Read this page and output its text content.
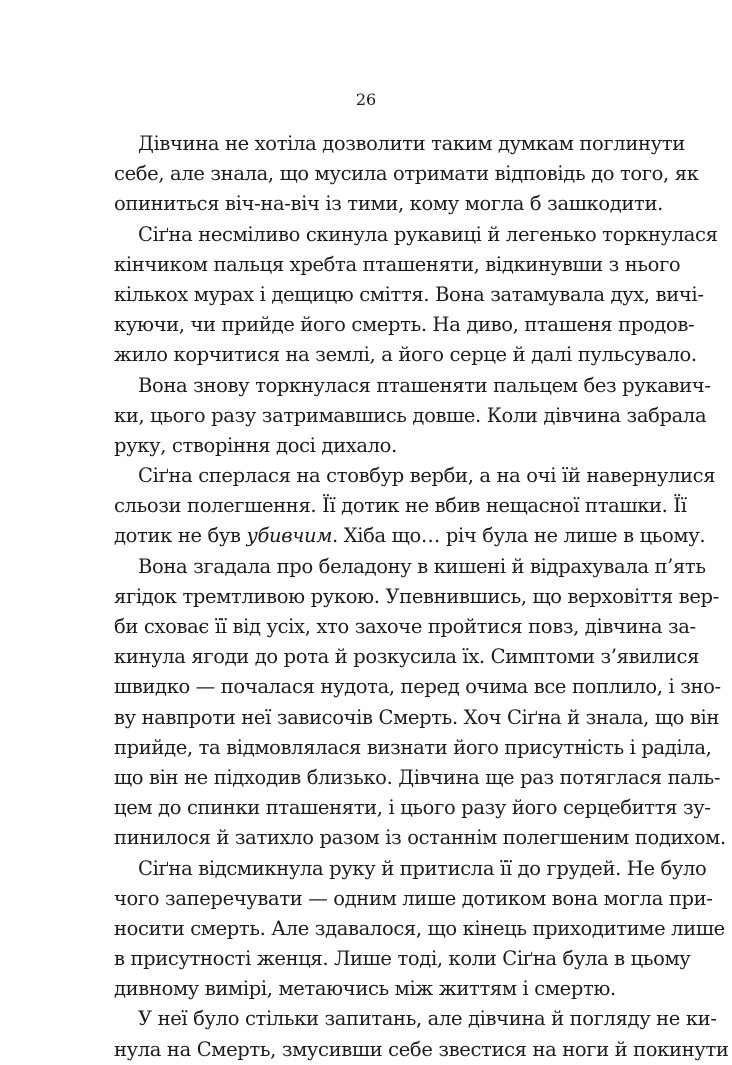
26
Дівчина не хотіла дозволити таким думкам поглинути
себе, але знала, що мусила отримати відповідь до того, як
опиниться віч-на-віч із тими, кому могла б зашкодити.
Сіґна несміливо скинула рукавиці й легенько торкнулася
кінчиком пальця хребта пташеняти, відкинувши з нього
кількох мурах і дещицю сміття. Вона затамувала дух, вичі-
куючи, чи прийде його смерть. На диво, пташеня продов-
жило корчитися на землі, а його серце й далі пульсувало.
Вона знову торкнулася пташеняти пальцем без рукавич-
ки, цього разу затримавшись довше. Коли дівчина забрала
руку, створіння досі дихало.
Сіґна сперлася на стовбур верби, а на очі їй навернулися
сльози полегшення. Її дотик не вбив нещасної пташки. Її
дотик не був убивчим. Хіба що… річ була не лише в цьому.
Вона згадала про беладону в кишені й відрахувала п’ять
ягідок тремтливою рукою. Упевнившись, що верховіття вер-
би сховає її від усіх, хто захоче пройтися повз, дівчина за-
кинула ягоди до рота й розкусила їх. Симптоми з’явилися
швидко — почалася нудота, перед очима все поплило, і зно-
ву навпроти неї зависочів Смерть. Хоч Сіґна й знала, що він
прийде, та відмовлялася визнати його присутність і раділа,
що він не підходив близько. Дівчина ще раз потяглася паль-
цем до спинки пташеняти, і цього разу його серцебиття зу-
пинилося й затихло разом із останнім полегшеним подихом.
Сіґна відсмикнула руку й притисла її до грудей. Не було
чого заперечувати — одним лише дотиком вона могла при-
носити смерть. Але здавалося, що кінець приходитиме лише
в присутності женця. Лише тоді, коли Сіґна була в цьому
дивному вимірі, метаючись між життям і смертю.
У неї було стільки запитань, але дівчина й погляду не ки-
нула на Смерть, змусивши себе звестися на ноги й покинути
